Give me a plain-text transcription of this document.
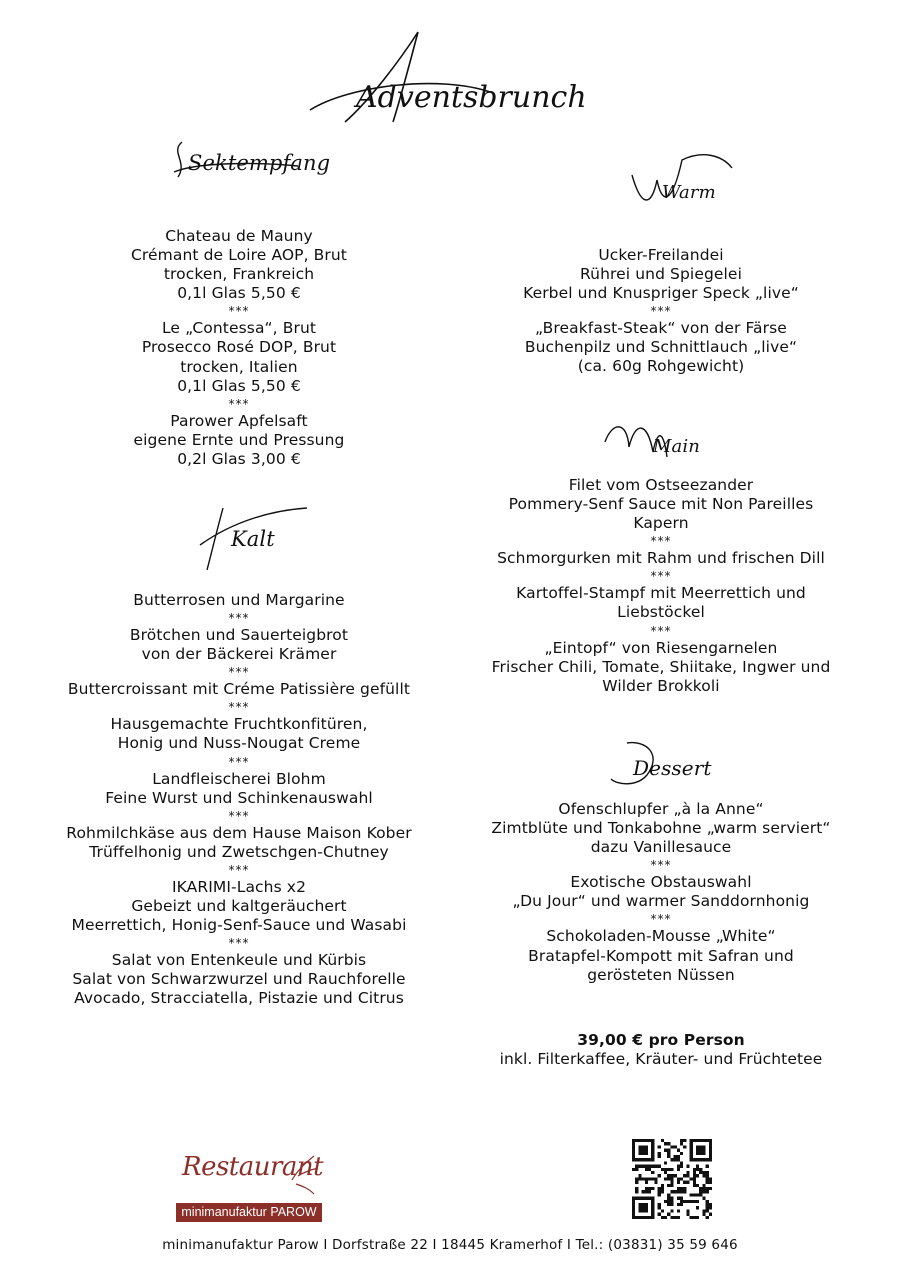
Adventsbrunch
Sektempfang
Chateau de Mauny
Crémant de Loire AOP, Brut
trocken, Frankreich
0,1l Glas 5,50 €
***
Le „Contessa“, Brut
Prosecco Rosé DOP, Brut
trocken, Italien
0,1l Glas 5,50 €
***
Parower Apfelsaft
eigene Ernte und Pressung
0,2l Glas 3,00 €
Kalt
Butterrosen und Margarine
***
Brötchen und Sauerteigbrot
von der Bäckerei Krämer
***
Buttercroissant mit Créme Patissière gefüllt
***
Hausgemachte Fruchtkonfitüren,
Honig und Nuss-Nougat Creme
***
Landfleischerei Blohm
Feine Wurst und Schinkenauswahl
***
Rohmilchkäse aus dem Hause Maison Kober
Trüffelhonig und Zwetschgen-Chutney
***
IKARIMI-Lachs x2
Gebeizt und kaltgeräuchert
Meerrettich, Honig-Senf-Sauce und Wasabi
***
Salat von Entenkeule und Kürbis
Salat von Schwarzwurzel und Rauchforelle
Avocado, Stracciatella, Pistazie und Citrus
Warm
Ucker-Freilandei
Rührei und Spiegelei
Kerbel und Knuspriger Speck „live“
***
„Breakfast-Steak“ von der Färse
Buchenpilz und Schnittlauch „live“
(ca. 60g Rohgewicht)
Main
Filet vom Ostseezander
Pommery-Senf Sauce mit Non Pareilles
Kapern
***
Schmorgurken mit Rahm und frischen Dill
***
Kartoffel-Stampf mit Meerrettich und
Liebstöckel
***
„Eintopf“ von Riesengarnelen
Frischer Chili, Tomate, Shiitake, Ingwer und
Wilder Brokkoli
Dessert
Ofenschlupfer „à la Anne“
Zimtblüte und Tonkabohne „warm serviert“
dazu Vanillesauce
***
Exotische Obstauswahl
„Du Jour“ und warmer Sanddornhonig
***
Schokoladen-Mousse „White“
Bratapfel-Kompott mit Safran und
gerösteten Nüssen
39,00 € pro Person
inkl. Filterkaffee, Kräuter- und Früchtetee
Restaurant
minimanufaktur PAROW
minimanufaktur Parow I Dorfstraße 22 I 18445 Kramerhof I Tel.: (03831) 35 59 646
